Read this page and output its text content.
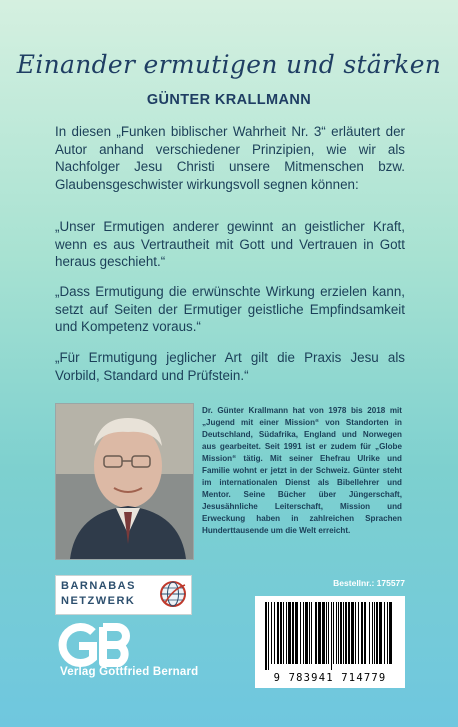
Einander ermutigen und stärken
GÜNTER KRALLMANN
In diesen „Funken biblischer Wahrheit Nr. 3“ erläutert der Autor anhand verschiedener Prinzipien, wie wir als Nachfolger Jesu Christi unsere Mitmenschen bzw. Glaubensgeschwister wirkungsvoll segnen können:
„Unser Ermutigen anderer gewinnt an geistlicher Kraft, wenn es aus Vertrautheit mit Gott und Vertrauen in Gott heraus geschieht.“
„Dass Ermutigung die erwünschte Wirkung erzielen kann, setzt auf Seiten der Ermutiger geistliche Empfindsamkeit und Kompetenz voraus.“
„Für Ermutigung jeglicher Art gilt die Praxis Jesu als Vorbild, Standard und Prüfstein.“
Dr. Günter Krallmann hat von 1978 bis 2018 mit „Jugend mit einer Mission“ von Standorten in Deutschland, Südafrika, England und Norwegen aus gearbeitet. Seit 1991 ist er zudem für „Globe Mission“ tätig. Mit seiner Ehefrau Ulrike und Familie wohnt er jetzt in der Schweiz. Günter steht im internationalen Dienst als Bibellehrer und Mentor. Seine Bücher über Jüngerschaft, Jesusähnliche Leiterschaft, Mission und Erweckung haben in zahlreichen Sprachen Hunderttausende um die Welt erreicht.
BARNABAS
NETZWERK
Verlag Gottfried Bernard
Bestellnr.: 175577
9 783941 714779
